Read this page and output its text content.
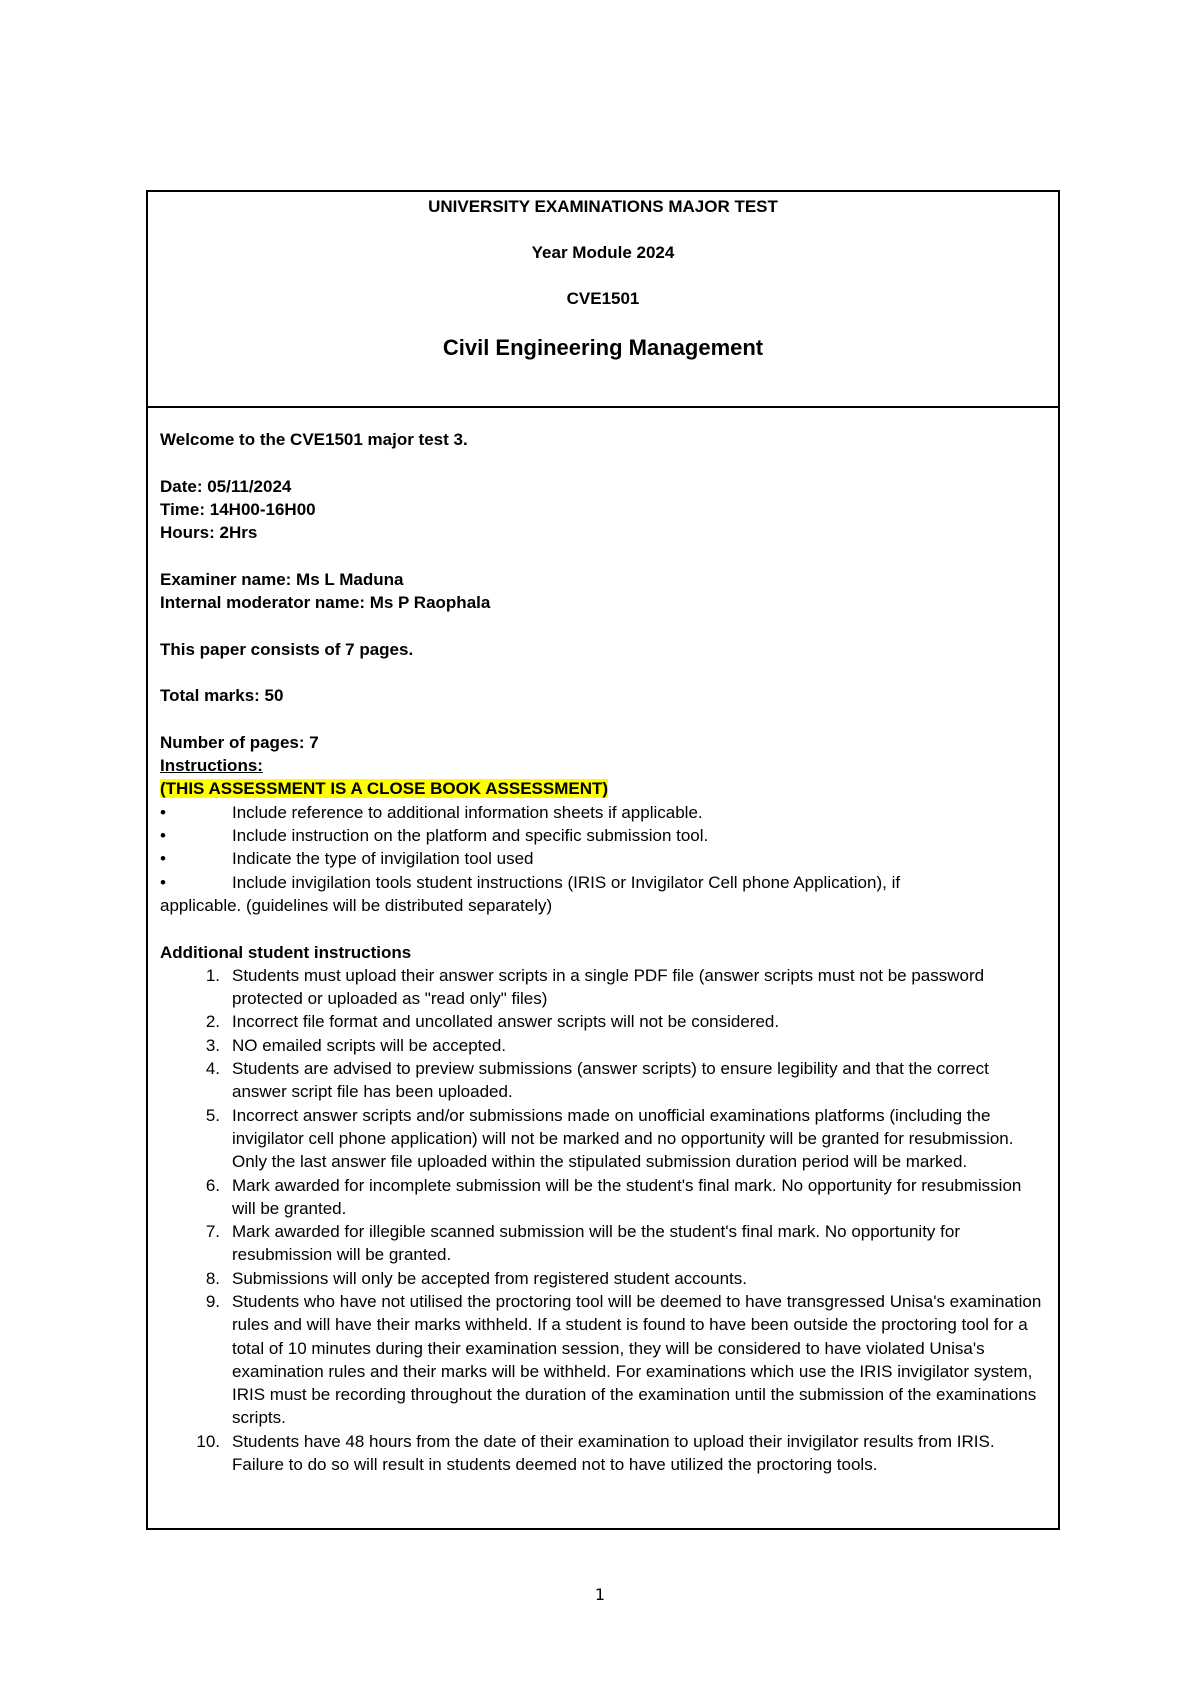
UNIVERSITY EXAMINATIONS MAJOR TEST
Year Module 2024
CVE1501
Civil Engineering Management
Welcome to the CVE1501 major test 3.
Date: 05/11/2024
Time: 14H00-16H00
Hours: 2Hrs
Examiner name: Ms L Maduna
Internal moderator name: Ms P Raophala
This paper consists of 7 pages.
Total marks: 50
Number of pages: 7
Instructions:
(THIS ASSESSMENT IS A CLOSE BOOK ASSESSMENT)
•	Include reference to additional information sheets if applicable.
•	Include instruction on the platform and specific submission tool.
•	Indicate the type of invigilation tool used
•	Include invigilation tools student instructions (IRIS or Invigilator Cell phone Application), if
applicable. (guidelines will be distributed separately)
Additional student instructions
1. Students must upload their answer scripts in a single PDF file (answer scripts must not be password protected or uploaded as "read only" files)
2. Incorrect file format and uncollated answer scripts will not be considered.
3. NO emailed scripts will be accepted.
4. Students are advised to preview submissions (answer scripts) to ensure legibility and that the correct answer script file has been uploaded.
5. Incorrect answer scripts and/or submissions made on unofficial examinations platforms (including the invigilator cell phone application) will not be marked and no opportunity will be granted for resubmission. Only the last answer file uploaded within the stipulated submission duration period will be marked.
6. Mark awarded for incomplete submission will be the student's final mark. No opportunity for resubmission will be granted.
7. Mark awarded for illegible scanned submission will be the student's final mark. No opportunity for resubmission will be granted.
8. Submissions will only be accepted from registered student accounts.
9. Students who have not utilised the proctoring tool will be deemed to have transgressed Unisa's examination rules and will have their marks withheld. If a student is found to have been outside the proctoring tool for a total of 10 minutes during their examination session, they will be considered to have violated Unisa's examination rules and their marks will be withheld. For examinations which use the IRIS invigilator system, IRIS must be recording throughout the duration of the examination until the submission of the examinations scripts.
10. Students have 48 hours from the date of their examination to upload their invigilator results from IRIS. Failure to do so will result in students deemed not to have utilized the proctoring tools.
1
